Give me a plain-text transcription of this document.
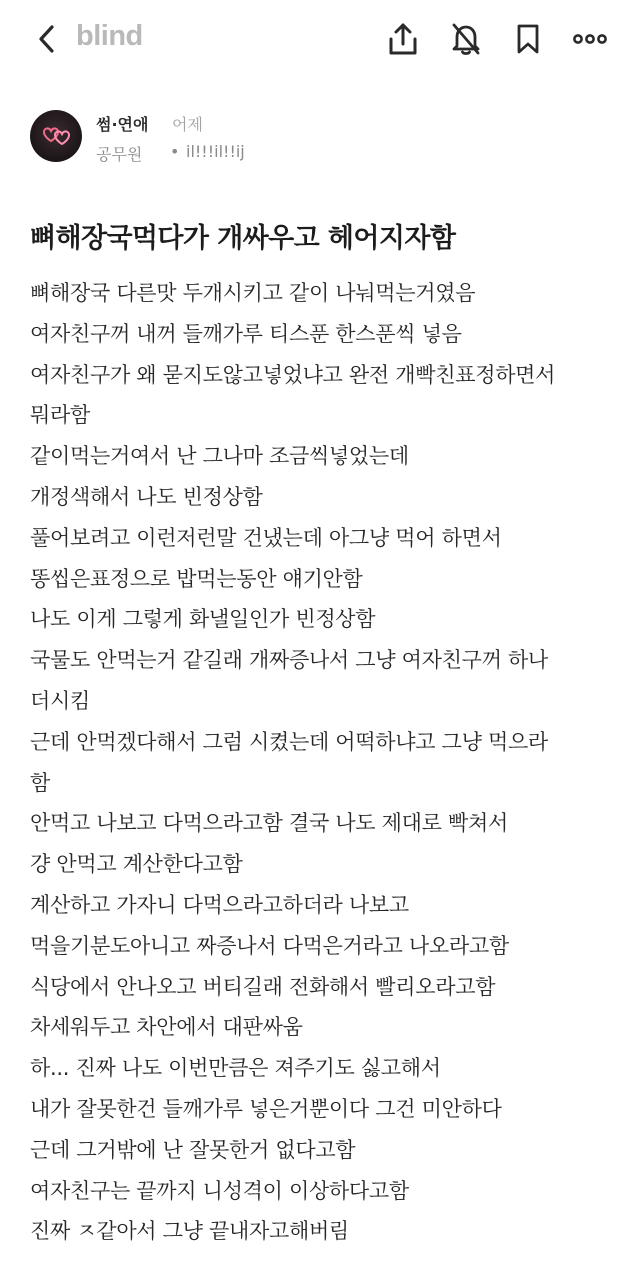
blind
썸·연애 어제
공무원 • il!!!il!!ij
뼈해장국먹다가 개싸우고 헤어지자함
뼈해장국 다른맛 두개시키고 같이 나눠먹는거였음
여자친구꺼 내꺼 들깨가루 티스푼 한스푼씩 넣음
여자친구가 왜 묻지도않고넣었냐고 완전 개빡친표정하면서
뭐라함
같이먹는거여서 난 그나마 조금씩넣었는데
개정색해서 나도 빈정상함
풀어보려고 이런저런말 건냈는데 아그냥 먹어 하면서
똥씹은표정으로 밥먹는동안 얘기안함
나도 이게 그렇게 화낼일인가 빈정상함
국물도 안먹는거 같길래 개짜증나서 그냥 여자친구꺼 하나
더시킴
근데 안먹겠다해서 그럼 시켰는데 어떡하냐고 그냥 먹으라
함
안먹고 나보고 다먹으라고함 결국 나도 제대로 빡쳐서
걍 안먹고 계산한다고함
계산하고 가자니 다먹으라고하더라 나보고
먹을기분도아니고 짜증나서 다먹은거라고 나오라고함
식당에서 안나오고 버티길래 전화해서 빨리오라고함
차세워두고 차안에서 대판싸움
하... 진짜 나도 이번만큼은 져주기도 싫고해서
내가 잘못한건 들깨가루 넣은거뿐이다 그건 미안하다
근데 그거밖에 난 잘못한거 없다고함
여자친구는 끝까지 니성격이 이상하다고함
진짜 ㅈ같아서 그냥 끝내자고해버림
